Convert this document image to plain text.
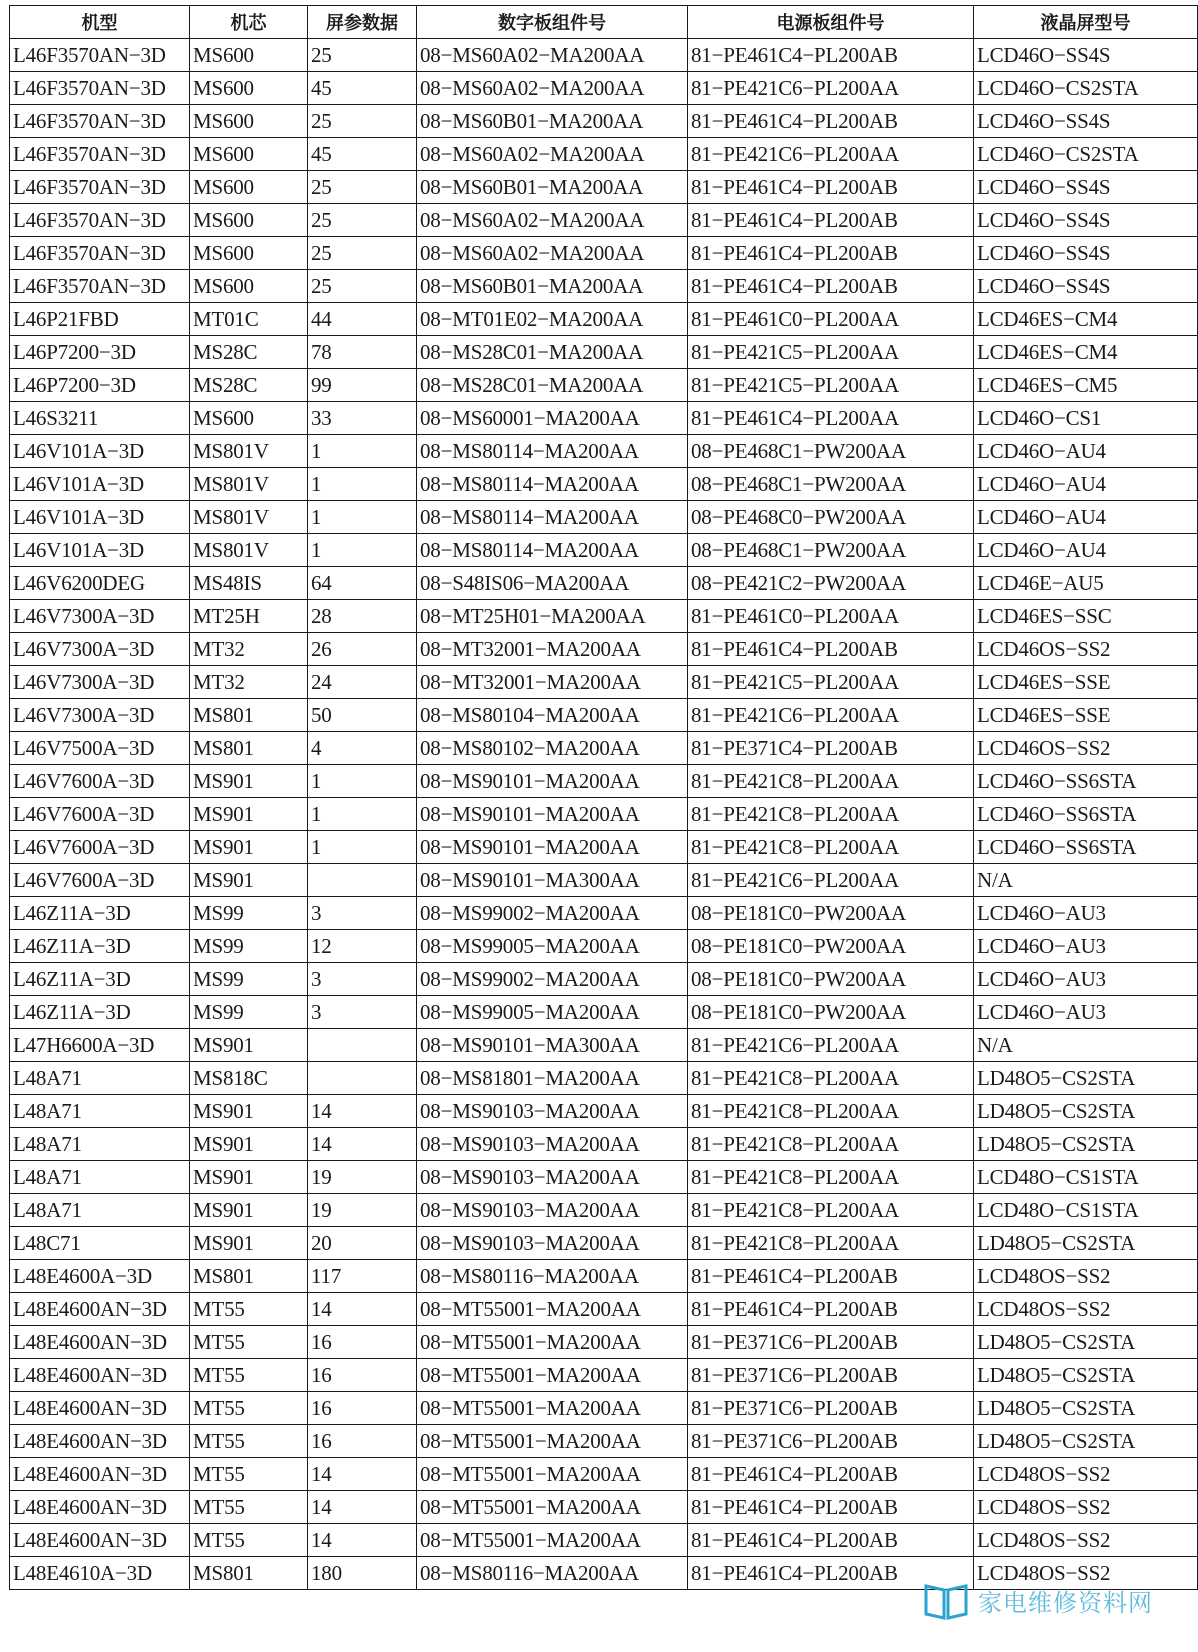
机型	机芯	屏参数据	数字板组件号	电源板组件号	液晶屏型号
L46F3570AN−3D	MS600	25	08−MS60A02−MA200AA	81−PE461C4−PL200AB	LCD46O−SS4S
L46F3570AN−3D	MS600	45	08−MS60A02−MA200AA	81−PE421C6−PL200AA	LCD46O−CS2STA
L46F3570AN−3D	MS600	25	08−MS60B01−MA200AA	81−PE461C4−PL200AB	LCD46O−SS4S
L46F3570AN−3D	MS600	45	08−MS60A02−MA200AA	81−PE421C6−PL200AA	LCD46O−CS2STA
L46F3570AN−3D	MS600	25	08−MS60B01−MA200AA	81−PE461C4−PL200AB	LCD46O−SS4S
L46F3570AN−3D	MS600	25	08−MS60A02−MA200AA	81−PE461C4−PL200AB	LCD46O−SS4S
L46F3570AN−3D	MS600	25	08−MS60A02−MA200AA	81−PE461C4−PL200AB	LCD46O−SS4S
L46F3570AN−3D	MS600	25	08−MS60B01−MA200AA	81−PE461C4−PL200AB	LCD46O−SS4S
L46P21FBD	MT01C	44	08−MT01E02−MA200AA	81−PE461C0−PL200AA	LCD46ES−CM4
L46P7200−3D	MS28C	78	08−MS28C01−MA200AA	81−PE421C5−PL200AA	LCD46ES−CM4
L46P7200−3D	MS28C	99	08−MS28C01−MA200AA	81−PE421C5−PL200AA	LCD46ES−CM5
L46S3211	MS600	33	08−MS60001−MA200AA	81−PE461C4−PL200AA	LCD46O−CS1
L46V101A−3D	MS801V	1	08−MS80114−MA200AA	08−PE468C1−PW200AA	LCD46O−AU4
L46V101A−3D	MS801V	1	08−MS80114−MA200AA	08−PE468C1−PW200AA	LCD46O−AU4
L46V101A−3D	MS801V	1	08−MS80114−MA200AA	08−PE468C0−PW200AA	LCD46O−AU4
L46V101A−3D	MS801V	1	08−MS80114−MA200AA	08−PE468C1−PW200AA	LCD46O−AU4
L46V6200DEG	MS48IS	64	08−S48IS06−MA200AA	08−PE421C2−PW200AA	LCD46E−AU5
L46V7300A−3D	MT25H	28	08−MT25H01−MA200AA	81−PE461C0−PL200AA	LCD46ES−SSC
L46V7300A−3D	MT32	26	08−MT32001−MA200AA	81−PE461C4−PL200AB	LCD46OS−SS2
L46V7300A−3D	MT32	24	08−MT32001−MA200AA	81−PE421C5−PL200AA	LCD46ES−SSE
L46V7300A−3D	MS801	50	08−MS80104−MA200AA	81−PE421C6−PL200AA	LCD46ES−SSE
L46V7500A−3D	MS801	4	08−MS80102−MA200AA	81−PE371C4−PL200AB	LCD46OS−SS2
L46V7600A−3D	MS901	1	08−MS90101−MA200AA	81−PE421C8−PL200AA	LCD46O−SS6STA
L46V7600A−3D	MS901	1	08−MS90101−MA200AA	81−PE421C8−PL200AA	LCD46O−SS6STA
L46V7600A−3D	MS901	1	08−MS90101−MA200AA	81−PE421C8−PL200AA	LCD46O−SS6STA
L46V7600A−3D	MS901		08−MS90101−MA300AA	81−PE421C6−PL200AA	N/A
L46Z11A−3D	MS99	3	08−MS99002−MA200AA	08−PE181C0−PW200AA	LCD46O−AU3
L46Z11A−3D	MS99	12	08−MS99005−MA200AA	08−PE181C0−PW200AA	LCD46O−AU3
L46Z11A−3D	MS99	3	08−MS99002−MA200AA	08−PE181C0−PW200AA	LCD46O−AU3
L46Z11A−3D	MS99	3	08−MS99005−MA200AA	08−PE181C0−PW200AA	LCD46O−AU3
L47H6600A−3D	MS901		08−MS90101−MA300AA	81−PE421C6−PL200AA	N/A
L48A71	MS818C		08−MS81801−MA200AA	81−PE421C8−PL200AA	LD48O5−CS2STA
L48A71	MS901	14	08−MS90103−MA200AA	81−PE421C8−PL200AA	LD48O5−CS2STA
L48A71	MS901	14	08−MS90103−MA200AA	81−PE421C8−PL200AA	LD48O5−CS2STA
L48A71	MS901	19	08−MS90103−MA200AA	81−PE421C8−PL200AA	LCD48O−CS1STA
L48A71	MS901	19	08−MS90103−MA200AA	81−PE421C8−PL200AA	LCD48O−CS1STA
L48C71	MS901	20	08−MS90103−MA200AA	81−PE421C8−PL200AA	LD48O5−CS2STA
L48E4600A−3D	MS801	117	08−MS80116−MA200AA	81−PE461C4−PL200AB	LCD48OS−SS2
L48E4600AN−3D	MT55	14	08−MT55001−MA200AA	81−PE461C4−PL200AB	LCD48OS−SS2
L48E4600AN−3D	MT55	16	08−MT55001−MA200AA	81−PE371C6−PL200AB	LD48O5−CS2STA
L48E4600AN−3D	MT55	16	08−MT55001−MA200AA	81−PE371C6−PL200AB	LD48O5−CS2STA
L48E4600AN−3D	MT55	16	08−MT55001−MA200AA	81−PE371C6−PL200AB	LD48O5−CS2STA
L48E4600AN−3D	MT55	16	08−MT55001−MA200AA	81−PE371C6−PL200AB	LD48O5−CS2STA
L48E4600AN−3D	MT55	14	08−MT55001−MA200AA	81−PE461C4−PL200AB	LCD48OS−SS2
L48E4600AN−3D	MT55	14	08−MT55001−MA200AA	81−PE461C4−PL200AB	LCD48OS−SS2
L48E4600AN−3D	MT55	14	08−MT55001−MA200AA	81−PE461C4−PL200AB	LCD48OS−SS2
L48E4610A−3D	MS801	180	08−MS80116−MA200AA	81−PE461C4−PL200AB	LCD48OS−SS2
家电维修资料网
